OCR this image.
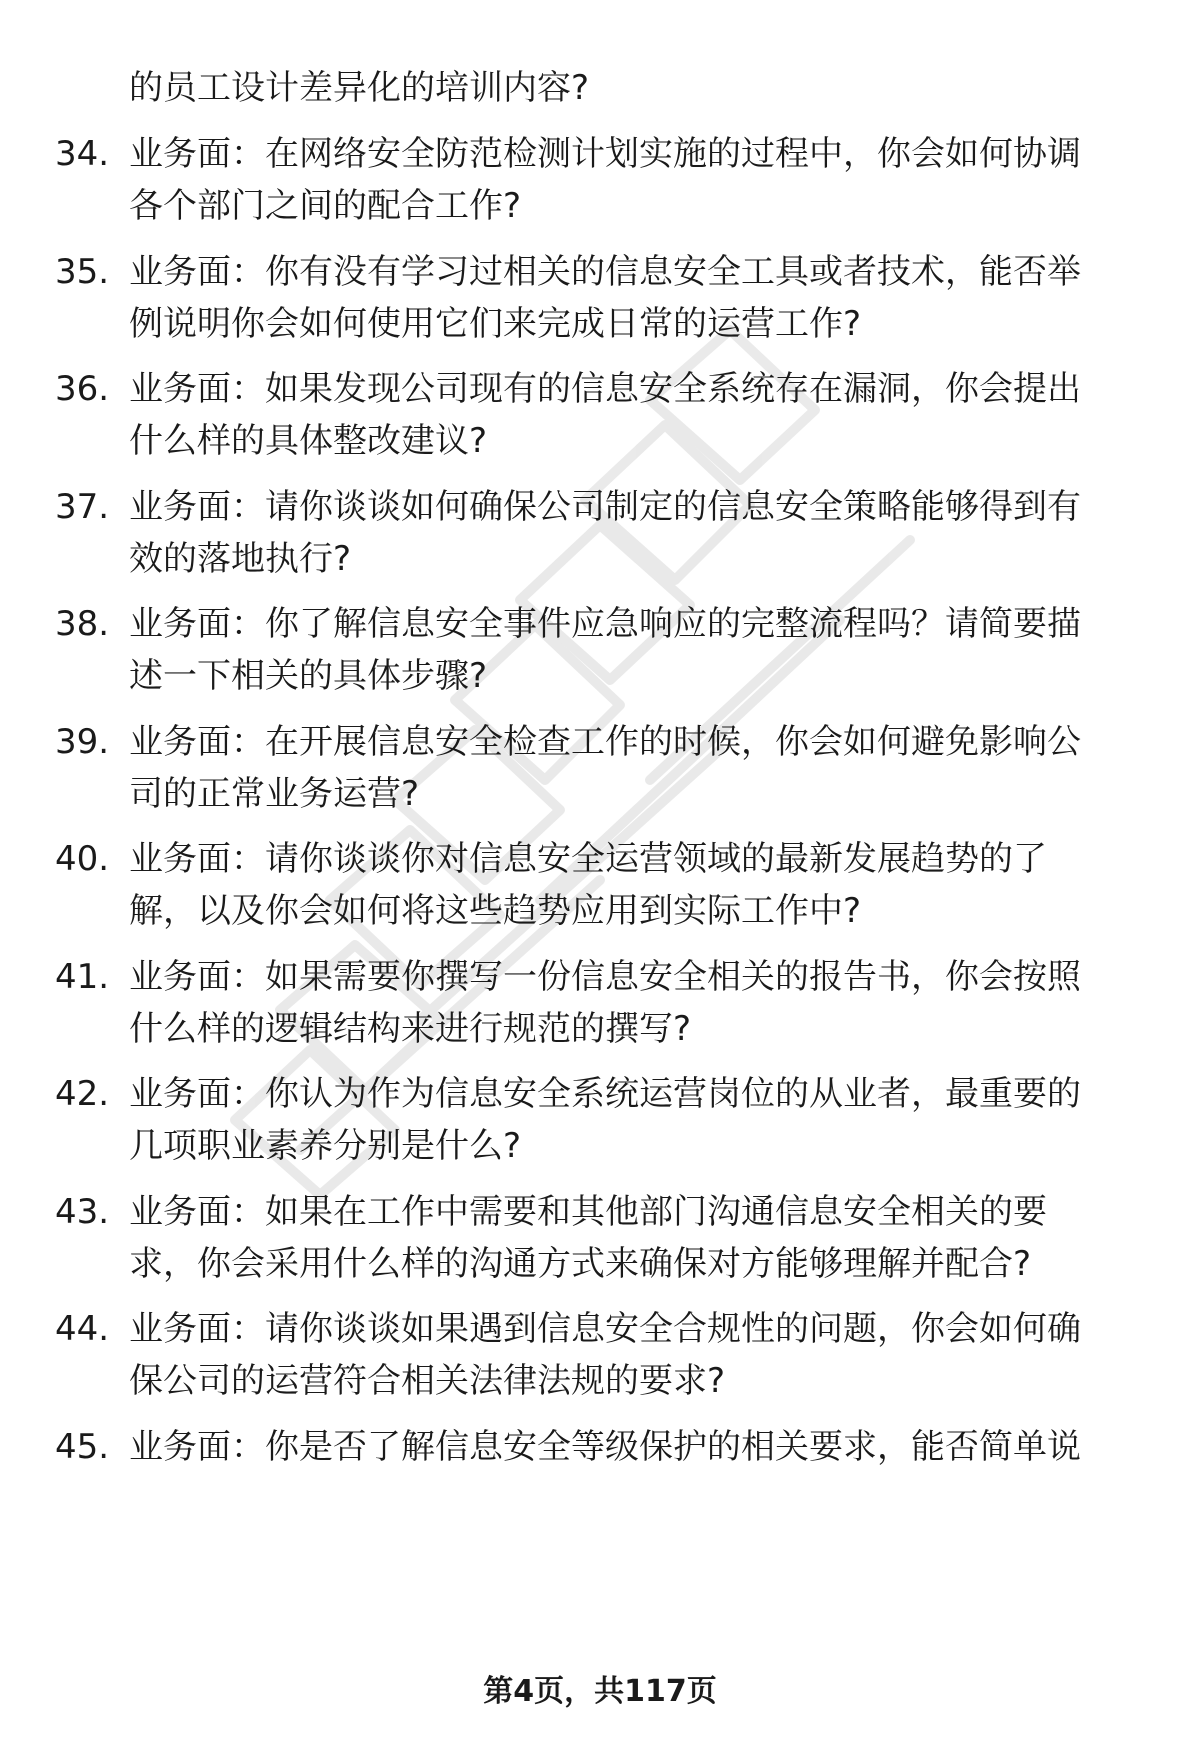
的员工设计差异化的培训内容?
34. 业务面：在网络安全防范检测计划实施的过程中，你会如何协调
各个部门之间的配合工作?
35. 业务面：你有没有学习过相关的信息安全工具或者技术，能否举
例说明你会如何使用它们来完成日常的运营工作?
36. 业务面：如果发现公司现有的信息安全系统存在漏洞，你会提出
什么样的具体整改建议?
37. 业务面：请你谈谈如何确保公司制定的信息安全策略能够得到有
效的落地执行?
38. 业务面：你了解信息安全事件应急响应的完整流程吗？请简要描
述一下相关的具体步骤?
39. 业务面：在开展信息安全检查工作的时候，你会如何避免影响公
司的正常业务运营?
40. 业务面：请你谈谈你对信息安全运营领域的最新发展趋势的了
解，以及你会如何将这些趋势应用到实际工作中?
41. 业务面：如果需要你撰写一份信息安全相关的报告书，你会按照
什么样的逻辑结构来进行规范的撰写?
42. 业务面：你认为作为信息安全系统运营岗位的从业者，最重要的
几项职业素养分别是什么?
43. 业务面：如果在工作中需要和其他部门沟通信息安全相关的要
求，你会采用什么样的沟通方式来确保对方能够理解并配合?
44. 业务面：请你谈谈如果遇到信息安全合规性的问题，你会如何确
保公司的运营符合相关法律法规的要求?
45. 业务面：你是否了解信息安全等级保护的相关要求，能否简单说
第4页，共117页
